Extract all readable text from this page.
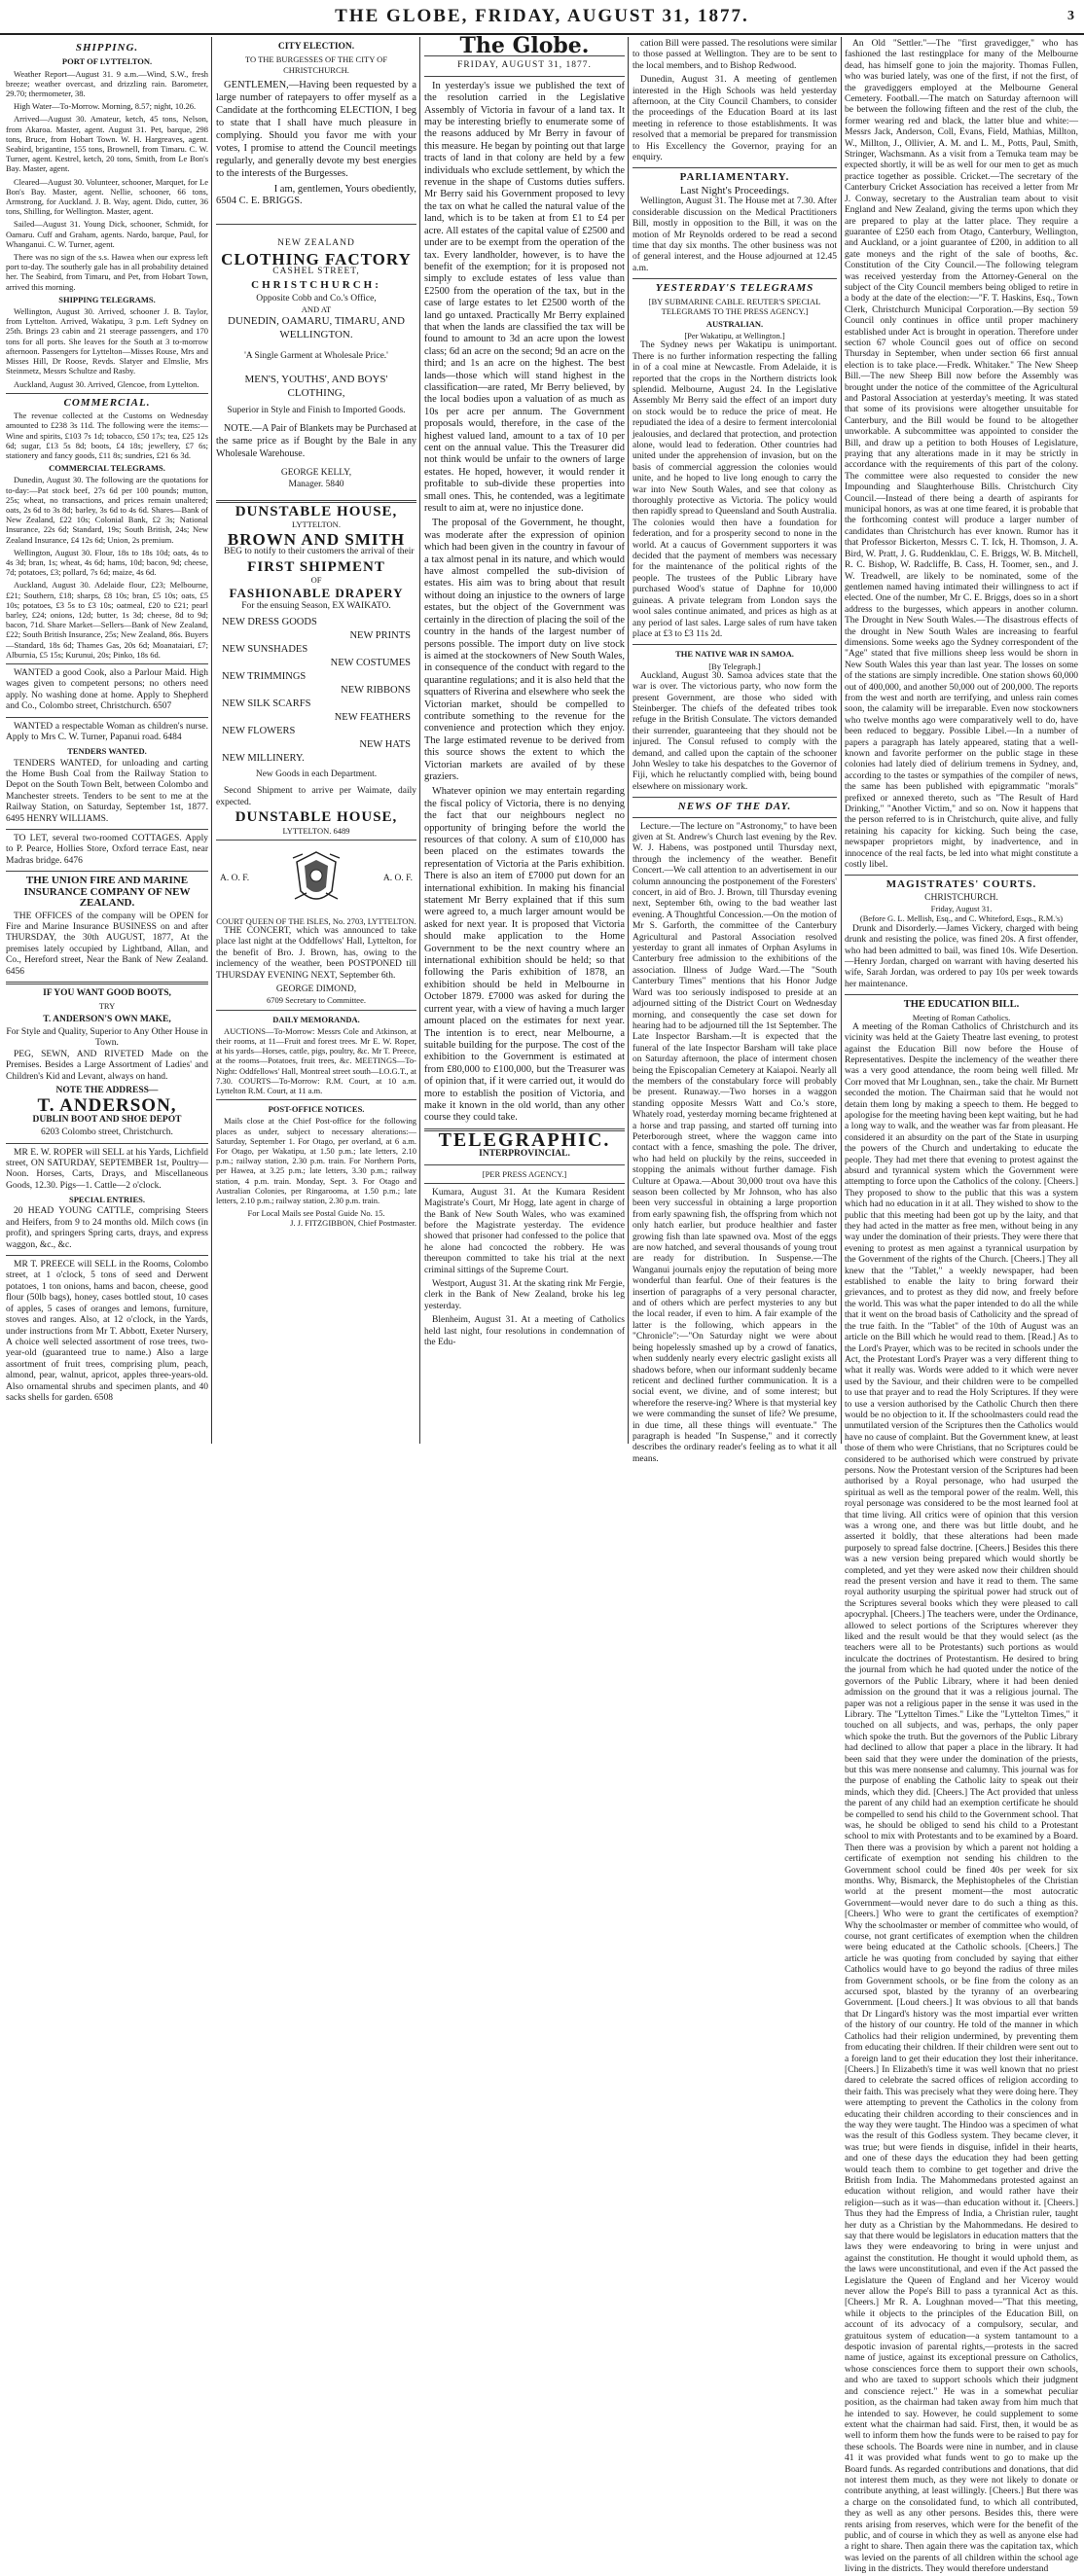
THE GLOBE, FRIDAY, AUGUST 31, 1877.	3
SHIPPING.
PORT OF LYTTELTON.

Weather Report—August 31. 9 a.m.—Wind, S.W., fresh breeze; weather overcast, and drizzling rain. Barometer, 29.70; thermometer, 38.

High Water—To-Morrow. Morning, 8.57; night, 10.26.

Arrived—August 30. Amateur, ketch, 45 tons, Nelson, from Akaroa. Master, agent. August 31. Pet, barque, 298 tons, Bruce, from Hobart Town. W. H. Hargreaves, agent. Seabird, brigantine, 155 tons, Brownell, from Timaru. C. W. Turner, agent. Kestrel, ketch, 20 tons, Smith, from Le Bon's Bay. Master, agent.

Cleared—August 30. Volunteer, schooner, Marquet, for Le Bon's Bay. Master, agent. Nellie, schooner, 66 tons, Armstrong, for Auckland. J. B. Way, agent. Dido, cutter, 36 tons, Shilling, for Wellington. Master, agent.

Sailed—August 31. Young Dick, schooner, Schmidt, for Oamaru. Cuff and Graham, agents. Nardo, barque, Paul, for Whanganui. C. W. Turner, agent.

There was no sign of the s.s. Hawea when our express left port to-day. The southerly gale has in all probability detained her. The Seabird, from Timaru, and Pet, from Hobart Town, arrived this morning.

SHIPPING TELEGRAMS.

Wellington, August 30. Arrived, schooner J. B. Taylor, from Lyttelton. Arrived, Wakatipu, 3 p.m. Left Sydney on 25th. Brings 23 cabin and 21 steerage passengers, and 170 tons for all ports. She leaves for the South at 3 to-morrow afternoon. Passengers for Lyttelton—Misses Rouse, Mrs and Misses Hill, Dr Roose, Revds. Slatyer and Elmslie, Mrs Steinmetz, Messrs Schultze and Rasby.

Auckland, August 30. Arrived, Glencoe, from Lyttelton.

COMMERCIAL.

The revenue collected at the Customs on Wednesday amounted to £238 3s 11d. The following were the items:—Wine and spirits, £103 7s 1d; tobacco, £50 17s; tea, £25 12s 6d; sugar, £13 5s 8d; boots, £4 18s; jewellery, £7 6s; stationery and fancy goods, £11 8s; sundries, £21 6s 3d.

COMMERCIAL TELEGRAMS.

Dunedin, August 30. The following are the quotations for to-day:—Pat stock beef, 27s 6d per 100 pounds; mutton, 25s; wheat, no transactions, and prices remain unaltered; oats, 2s 6d to 3s 8d; barley, 3s 6d to 4s 6d. Shares—Bank of New Zealand, £22 10s; Colonial Bank, £2 3s; National Insurance, 22s 6d; Standard, 19s; South British, 24s; New Zealand Insurance, £4 12s 6d; Union, 2s premium.

Wellington, August 30. Flour, 18s to 18s 10d; oats, 4s to 4s 3d; bran, 1s; wheat, 4s 6d; hams, 10d; bacon, 9d; cheese, 7d; potatoes, £3; pollard, 7s 6d; maize, 4s 6d.

Auckland, August 30. Adelaide flour, £23; Melbourne, £21; Southern, £18; sharps, £8 10s; bran, £5 10s; oats, £5 10s; potatoes, £3 5s to £3 10s; oatmeal, £20 to £21; pearl barley, £24; onions, 12d; butter, 1s 3d; cheese, 8d to 9d; bacon, 71d. Share Market—Sellers—Bank of New Zealand, £22; South British Insurance, 25s; New Zealand, 86s. Buyers—Standard, 18s 6d; Thames Gas, 20s 6d; Moanataiari, £7; Alburnia, £5 15s; Kurunui, 20s; Pinko, 18s 6d.

WANTED a good Cook, also a Parlour Maid. High wages given to competent persons; no others need apply. No washing done at home. Apply to Shepherd and Co., Colombo street, Christchurch. 6507

WANTED a respectable Woman as children's nurse. Apply to Mrs C. W. Turner, Papanui road. 6484

TENDERS WANTED.

TENDERS WANTED, for unloading and carting the Home Bush Coal from the Railway Station to Depot on the South Town Belt, between Colombo and Manchester streets. Tenders to be sent to me at the Railway Station, on Saturday, September 1st, 1877. 6495 HENRY WILLIAMS.

TO LET, several two-roomed COTTAGES. Apply to P. Pearce, Hollies Store, Oxford terrace East, near Madras bridge. 6476

THE UNION FIRE AND MARINE INSURANCE COMPANY OF NEW ZEALAND.

THE OFFICES of the company will be OPEN for Fire and Marine Insurance BUSINESS on and after THURSDAY, the 30th AUGUST, 1877, At the premises lately occupied by Lightband, Allan, and Co., Hereford street, Near the Bank of New Zealand. 6456

IF YOU WANT GOOD BOOTS,
TRY
T. ANDERSON'S OWN MAKE,
For Style and Quality, Superior to Any Other House in Town.

PEG, SEWN, AND RIVETED Made on the Premises. Besides a Large Assortment of Ladies' and Children's Kid and Levant, always on hand.

NOTE THE ADDRESS—
T. ANDERSON,
DUBLIN BOOT AND SHOE DEPOT
6203 Colombo street, Christchurch.

MR E. W. ROPER will SELL at his Yards, Lichfield street, ON SATURDAY, SEPTEMBER 1st, Poultry—Noon. Horses, Carts, Drays, and Miscellaneous Goods, 12.30. Pigs—1. Cattle—2 o'clock.

SPECIAL ENTRIES.

20 HEAD YOUNG CATTLE, comprising Steers and Heifers, from 9 to 24 months old. Milch cows (in profit), and springers Spring carts, drays, and express waggon, &c., &c.

MR T. PREECE will SELL in the Rooms, Colombo street, at 1 o'clock, 5 tons of seed and Derwent potatoes, 1 ton onions, hams and bacon, cheese, good flour (50lb bags), honey, cases bottled stout, 10 cases of apples, 5 cases of oranges and lemons, furniture, stoves and ranges. Also, at 12 o'clock, in the Yards, under instructions from Mr T. Abbott, Exeter Nursery, A choice well selected assortment of rose trees, two-year-old (guaranteed true to name.) Also a large assortment of fruit trees, comprising plum, peach, almond, pear, walnut, apricot, apples three-years-old. Also ornamental shrubs and specimen plants, and 40 sacks shells for garden. 6508

CITY ELECTION.
TO THE BURGESSES OF THE CITY OF CHRISTCHURCH.

GENTLEMEN,—Having been requested by a large number of ratepayers to offer myself as a Candidate at the forthcoming ELECTION, I beg to state that I shall have much pleasure in complying. Should you favor me with your votes, I promise to attend the Council meetings regularly, and generally devote my best energies to the interests of the Burgesses.

I am, gentlemen, Yours obediently,
6504 C. E. BRIGGS.
NEW ZEALAND
CLOTHING FACTORY
CASHEL STREET,
CHRISTCHURCH:
Opposite Cobb and Co.'s Office,
AND AT
DUNEDIN, OAMARU, TIMARU, AND WELLINGTON.
'A Single Garment at Wholesale Price.'
MEN'S, YOUTHS', AND BOYS' CLOTHING,
Superior in Style and Finish to Imported Goods.

NOTE.—A Pair of Blankets may be Purchased at the same price as if Bought by the Bale in any Wholesale Warehouse.

GEORGE KELLY,
Manager. 5840
DUNSTABLE HOUSE,
LYTTELTON.
BROWN AND SMITH

BEG to notify to their customers the arrival of their

FIRST SHIPMENT
OF
FASHIONABLE DRAPERY
For the ensuing Season, EX WAIKATO.
NEW DRESS GOODS
NEW PRINTS
NEW SUNSHADES
NEW COSTUMES
NEW TRIMMINGS
NEW RIBBONS
NEW SILK SCARFS
NEW FEATHERS
NEW FLOWERS
NEW HATS
NEW MILLINERY.
New Goods in each Department.

Second Shipment to arrive per Waimate, daily expected.

DUNSTABLE HOUSE,
LYTTELTON. 6489
A. O. F.	A. O. F.
COURT QUEEN OF THE ISLES, No. 2703, LYTTELTON.

THE CONCERT, which was announced to take place last night at the Oddfellows' Hall, Lyttelton, for the benefit of Bro. J. Brown, has, owing to the inclemency of the weather, been POSTPONED till THURSDAY EVENING NEXT, September 6th.

GEORGE DIMOND,
6709 Secretary to Committee.
DAILY MEMORANDA.

AUCTIONS—To-Morrow: Messrs Cole and Atkinson, at their rooms, at 11—Fruit and forest trees. Mr E. W. Roper, at his yards—Horses, cattle, pigs, poultry, &c. Mr T. Preece, at the rooms—Potatoes, fruit trees, &c. MEETINGS—To-Night: Oddfellows' Hall, Montreal street south—I.O.G.T., at 7.30. COURTS—To-Morrow: R.M. Court, at 10 a.m. Lyttelton R.M. Court, at 11 a.m.

POST-OFFICE NOTICES.

Mails close at the Chief Post-office for the following places as under, subject to necessary alterations:— Saturday, September 1. For Otago, per overland, at 6 a.m. For Otago, per Wakatipu, at 1.50 p.m.; late letters, 2.10 p.m.; railway station, 2.30 p.m. train. For Northern Ports, per Hawea, at 3.25 p.m.; late letters, 3.30 p.m.; railway station, 4 p.m. train. Monday, Sept. 3. For Otago and Australian Colonies, per Ringarooma, at 1.50 p.m.; late letters, 2.10 p.m.; railway station, 2.30 p.m. train.

For Local Mails see Postal Guide No. 15.
J. J. FITZGIBBON, Chief Postmaster.
The Globe.
FRIDAY, AUGUST 31, 1877.

In yesterday's issue we published the text of the resolution carried in the Legislative Assembly of Victoria in favour of a land tax. It may be interesting briefly to enumerate some of the reasons adduced by Mr Berry in favour of this measure. He began by pointing out that large tracts of land in that colony are held by a few individuals who exclude settlement, by which the revenue in the shape of Customs duties suffers. Mr Berry said his Government proposed to levy the tax on what he called the natural value of the land, which is to be taken at from £1 to £4 per acre. All estates of the capital value of £2500 and under are to be exempt from the operation of the tax. Every landholder, however, is to have the benefit of the exemption; for it is proposed not simply to exclude estates of less value than £2500 from the operation of the tax, but in the case of large estates to let £2500 worth of the land go untaxed. Practically Mr Berry explained that when the lands are classified the tax will be found to amount to 3d an acre upon the lowest class; 6d an acre on the second; 9d an acre on the third; and 1s an acre on the highest. The best lands—those which will stand highest in the classification—are rated, Mr Berry believed, by the local bodies upon a valuation of as much as 10s per acre per annum. The Government proposals would, therefore, in the case of the highest valued land, amount to a tax of 10 per cent on the annual value. This the Treasurer did not think would be unfair to the owners of large estates. He hoped, however, it would render it profitable to sub-divide these properties into small ones. This, he contended, was a legitimate result to aim at, were no injustice done.

The proposal of the Government, he thought, was moderate after the expression of opinion which had been given in the country in favour of a tax almost penal in its nature, and which would have almost compelled the sub-division of estates. His aim was to bring about that result without doing an injustice to the owners of large estates, but the object of the Government was certainly in the direction of placing the soil of the country in the hands of the largest number of persons possible. The import duty on live stock is aimed at the stockowners of New South Wales, in consequence of the conduct with regard to the quarantine regulations; and it is also held that the squatters of Riverina and elsewhere who seek the Victorian market, should be compelled to contribute something to the revenue for the convenience and protection which they enjoy. The large estimated revenue to be derived from this source shows the extent to which the Victorian markets are availed of by these graziers.

Whatever opinion we may entertain regarding the fiscal policy of Victoria, there is no denying the fact that our neighbours neglect no opportunity of bringing before the world the resources of that colony. A sum of £10,000 has been placed on the estimates towards the representation of Victoria at the Paris exhibition. There is also an item of £7000 put down for an international exhibition. In making his financial statement Mr Berry explained that if this sum were agreed to, a much larger amount would be asked for next year. It is proposed that Victoria should make application to the Home Government to be the next country where an international exhibition should be held; so that following the Paris exhibition of 1878, an exhibition should be held in Melbourne in October 1879. £7000 was asked for during the current year, with a view of having a much larger amount placed on the estimates for next year. The intention is to erect, near Melbourne, a suitable building for the purpose. The cost of the exhibition to the Government is estimated at from £80,000 to £100,000, but the Treasurer was of opinion that, if it were carried out, it would do more to establish the position of Victoria, and make it known in the old world, than any other course they could take.

TELEGRAPHIC.
INTERPROVINCIAL.
[PER PRESS AGENCY.]

Kumara, August 31. At the Kumara Resident Magistrate's Court, Mr Hogg, late agent in charge of the Bank of New South Wales, who was examined before the Magistrate yesterday. The evidence showed that prisoner had confessed to the police that he alone had concocted the robbery. He was thereupon committed to take his trial at the next criminal sittings of the Supreme Court.

Westport, August 31. At the skating rink Mr Fergie, clerk in the Bank of New Zealand, broke his leg yesterday.

Blenheim, August 31. At a meeting of Catholics held last night, four resolutions in condemnation of the Edu-

cation Bill were passed. The resolutions were similar to those passed at Wellington. They are to be sent to the local members, and to Bishop Redwood.

Dunedin, August 31. A meeting of gentlemen interested in the High Schools was held yesterday afternoon, at the City Council Chambers, to consider the proceedings of the Education Board at its last meeting in reference to those establishments. It was resolved that a memorial be prepared for transmission to His Excellency the Governor, praying for an enquiry.

PARLIAMENTARY.
Last Night's Proceedings.

Wellington, August 31. The House met at 7.30. After considerable discussion on the Medical Practitioners Bill, mostly in opposition to the Bill, it was on the motion of Mr Reynolds ordered to be read a second time that day six months. The other business was not of general interest, and the House adjourned at 12.45 a.m.

YESTERDAY'S TELEGRAMS
[BY SUBMARINE CABLE. REUTER'S SPECIAL TELEGRAMS TO THE PRESS AGENCY.]
AUSTRALIAN.
[Per Wakatipu, at Wellington.]

The Sydney news per Wakatipu is unimportant. There is no further information respecting the falling in of a coal mine at Newcastle. From Adelaide, it is reported that the crops in the Northern districts look splendid. Melbourne, August 24. In the Legislative Assembly Mr Berry said the effect of an import duty on stock would be to reduce the price of meat. He repudiated the idea of a desire to ferment intercolonial jealousies, and declared that protection, and protection alone, would lead to federation. Other countries had united under the apprehension of invasion, but on the basis of commercial aggression the colonies would unite, and he hoped to live long enough to carry the war into New South Wales, and see that colony as thoroughly protective as Victoria. The policy would then rapidly spread to Queensland and South Australia. The colonies would then have a foundation for federation, and for a prosperity second to none in the world. At a caucus of Government supporters it was decided that the payment of members was necessary for the maintenance of the political rights of the people. The trustees of the Public Library have purchased Wood's statue of Daphne for 10,000 guineas. A private telegram from London says the wool sales continue animated, and prices as high as at any period of last sales. Large sales of rum have taken place at £3 to £3 11s 2d.

THE NATIVE WAR IN SAMOA.
[By Telegraph.]

Auckland, August 30. Samoa advices state that the war is over. The victorious party, who now form the present Government, are those who sided with Steinberger. The chiefs of the defeated tribes took refuge in the British Consulate. The victors demanded their surrender, guaranteeing that they should not be injured. The Consul refused to comply with the demand, and called upon the captain of the schooner John Wesley to take his despatches to the Governor of Fiji, which he reluctantly complied with, being bound elsewhere on missionary work.

NEWS OF THE DAY.

Lecture.—The lecture on "Astronomy," to have been given at St. Andrew's Church last evening by the Rev. W. J. Habens, was postponed until Thursday next, through the inclemency of the weather. Benefit Concert.—We call attention to an advertisement in our column announcing the postponement of the Foresters' concert, in aid of Bro. J. Brown, till Thursday evening next, September 6th, owing to the bad weather last evening. A Thoughtful Concession.—On the motion of Mr S. Garforth, the committee of the Canterbury Agricultural and Pastoral Association resolved yesterday to grant all inmates of Orphan Asylums in Canterbury free admission to the exhibitions of the association. Illness of Judge Ward.—The "South Canterbury Times" mentions that his Honor Judge Ward was too seriously indisposed to preside at an adjourned sitting of the District Court on Wednesday morning, and consequently the case set down for hearing had to be adjourned till the 1st September. The Late Inspector Barsham.—It is expected that the funeral of the late Inspector Barsham will take place on Saturday afternoon, the place of interment chosen being the Episcopalian Cemetery at Kaiapoi. Nearly all the members of the constabulary force will probably be present. Runaway.—Two horses in a waggon standing opposite Messrs Watt and Co.'s store, Whately road, yesterday morning became frightened at a horse and trap passing, and started off turning into Peterborough street, where the waggon came into contact with a fence, smashing the pole. The driver, who had held on pluckily by the reins, succeeded in stopping the animals without further damage. Fish Culture at Opawa.—About 30,000 trout ova have this season been collected by Mr Johnson, who has also been very successful in obtaining a large proportion from early spawning fish, the offspring from which not only hatch earlier, but produce healthier and faster growing fish than late spawned ova. Most of the eggs are now hatched, and several thousands of young trout are ready for distribution. In Suspense.—The Wanganui journals enjoy the reputation of being more wonderful than fearful. One of their features is the insertion of paragraphs of a very personal character, and of others which are perfect mysteries to any but the local reader, if even to him. A fair example of the latter is the following, which appears in the "Chronicle":—"On Saturday night we were about being hopelessly smashed up by a crowd of fanatics, when suddenly nearly every electric gaslight exists all shadows before, when our informant suddenly became reticent and declined further communication. It is a social event, we divine, and of some interest; but wherefore the reserve-ing? Where is that mysterial key we were commanding the sunset of life? We presume, in due time, all these things will eventuate." The paragraph is headed "In Suspense," and it correctly describes the ordinary reader's feeling as to what it all means.

An Old "Settler."—The "first gravedigger," who has fashioned the last restingplace for many of the Melbourne dead, has himself gone to join the majority. Thomas Fullen, who was buried lately, was one of the first, if not the first, of the gravediggers employed at the Melbourne General Cemetery. Football.—The match on Saturday afternoon will be between the following fifteen and the rest of the club, the former wearing red and black, the latter blue and white:—Messrs Jack, Anderson, Coll, Evans, Field, Mathias, Millton, W., Millton, J., Ollivier, A. M. and L. M., Potts, Paul, Smith, Stringer, Wachsmann. As a visit from a Temuka team may be expected shortly, it will be as well for our men to get as much practice together as possible. Cricket.—The secretary of the Canterbury Cricket Association has received a letter from Mr J. Conway, secretary to the Australian team about to visit England and New Zealand, giving the terms upon which they are prepared to play at the latter place. They require a guarantee of £250 each from Otago, Canterbury, Wellington, and Auckland, or a joint guarantee of £200, in addition to all gate moneys and the right of the sale of booths, &c. Constitution of the City Council.—The following telegram was received yesterday from the Attorney-General on the subject of the City Council members being obliged to retire in a body at the date of the election:—"F. T. Haskins, Esq., Town Clerk, Christchurch Municipal Corporation.—By section 59 Council only continues in office until proper machinery established under Act is brought in operation. Therefore under section 67 whole Council goes out of office on second Thursday in September, when under section 66 first annual election is to take place.—Fredk. Whitaker." The New Sheep Bill.—The new Sheep Bill now before the Assembly was brought under the notice of the committee of the Agricultural and Pastoral Association at yesterday's meeting. It was stated that some of its provisions were altogether unsuitable for Canterbury, and the Bill would be found to be altogether unworkable. A subcommittee was appointed to consider the Bill, and draw up a petition to both Houses of Legislature, praying that any alterations made in it may be strictly in accordance with the requirements of this part of the colony. The committee were also requested to consider the new Impounding and Slaughterhouse Bills. Christchurch City Council.—Instead of there being a dearth of aspirants for municipal honors, as was at one time feared, it is probable that the forthcoming contest will produce a larger number of candidates than Christchurch has ever known. Rumor has it that Professor Bickerton, Messrs C. T. Ick, H. Thomson, J. A. Bird, W. Pratt, J. G. Ruddenklau, C. E. Briggs, W. B. Mitchell, R. C. Bishop, W. Radcliffe, B. Cass, H. Toomer, sen., and J. W. Treadwell, are likely to be nominated, some of the gentlemen named having intimated their willingness to act if elected. One of the number, Mr C. E. Briggs, does so in a short address to the burgesses, which appears in another column. The Drought in New South Wales.—The disastrous effects of the drought in New South Wales are increasing to fearful dimensions. Some weeks ago the Sydney correspondent of the "Age" stated that five millions sheep less would be shorn in New South Wales this year than last year. The losses on some of the stations are simply incredible. One station shows 60,000 out of 400,000, and another 50,000 out of 200,000. The reports from the west and north are terrifying, and unless rain comes soon, the calamity will be irreparable. Even now stockowners who twelve months ago were comparatively well to do, have been reduced to beggary. Possible Libel.—In a number of papers a paragraph has lately appeared, stating that a well-known and favorite performer on the public stage in these colonies had lately died of delirium tremens in Sydney, and, according to the tastes or sympathies of the compiler of news, the same has been published with epigrammatic "morals" prefixed or annexed thereto, such as "The Result of Hard Drinking," "Another Victim," and so on. Now it happens that the person referred to is in Christchurch, quite alive, and fully retaining his capacity for kicking. Such being the case, newspaper proprietors might, by inadvertence, and in innocence of the real facts, be led into what might constitute a costly libel.

MAGISTRATES' COURTS.
CHRISTCHURCH.
Friday, August 31.
(Before G. L. Mellish, Esq., and C. Whiteford, Esqs., R.M.'s)

Drunk and Disorderly.—James Vickery, charged with being drunk and resisting the police, was fined 20s. A first offender, who had been admitted to bail, was fined 10s. Wife Desertion.—Henry Jordan, charged on warrant with having deserted his wife, Sarah Jordan, was ordered to pay 10s per week towards her maintenance.

THE EDUCATION BILL.
Meeting of Roman Catholics.

A meeting of the Roman Catholics of Christchurch and its vicinity was held at the Gaiety Theatre last evening, to protest against the Education Bill now before the House of Representatives. Despite the inclemency of the weather there was a very good attendance, the room being well filled. Mr Corr moved that Mr Loughnan, sen., take the chair. Mr Burnett seconded the motion. The Chairman said that he would not detain them long by making a speech to them. He begged to apologise for the meeting having been kept waiting, but he had a long way to walk, and the weather was far from pleasant. He considered it an absurdity on the part of the State in usurping the powers of the Church and undertaking to educate the people. They had met there that evening to protest against the absurd and tyrannical system which the Government were attempting to force upon the Catholics of the colony. [Cheers.] They proposed to show to the public that this was a system which had no education in it at all. They wished to show to the public that this meeting had been got up by the laity, and that they had acted in the matter as free men, without being in any way under the domination of their priests. They were there that evening to protest as men against a tyrannical usurpation by the Government of the rights of the Church. [Cheers.] They all knew that the "Tablet," a weekly newspaper, had been established to enable the laity to bring forward their grievances, and to protest as they did now, and freely before the world. This was what the paper intended to do all the while that it went on the broad basis of Catholicity and the spread of the true faith. In the "Tablet" of the 10th of August was an article on the Bill which he would read to them. [Read.] As to the Lord's Prayer, which was to be recited in schools under the Act, the Protestant Lord's Prayer was a very different thing to what it really was. Words were added to it which were never used by the Saviour, and their children were to be compelled to use that prayer and to read the Holy Scriptures. If they were to use a version authorised by the Catholic Church then there would be no objection to it. If the schoolmasters could read the unmutilated version of the Scriptures then the Catholics would have no cause of complaint. But the Government knew, at least those of them who were Christians, that no Scriptures could be considered to be authorised which were construed by private persons. Now the Protestant version of the Scriptures had been authorised by a Royal personage, who had usurped the spiritual as well as the temporal power of the realm. Well, this royal personage was considered to be the most learned fool at that time living. All critics were of opinion that this version was a wrong one, and there was but little doubt, and he asserted it boldly, that these alterations had been made purposely to spread false doctrine. [Cheers.] Besides this there was a new version being prepared which would shortly be completed, and yet they were asked now their children should read the present version and have it read to them. The same royal authority usurping the spiritual power had struck out of the Scriptures several books which they were pleased to call apocryphal. [Cheers.] The teachers were, under the Ordinance, allowed to select portions of the Scriptures wherever they liked and the result would be that they would select (as the teachers were all to be Protestants) such portions as would inculcate the doctrines of Protestantism. He desired to bring the journal from which he had quoted under the notice of the governors of the Public Library, where it had been denied admission on the ground that it was a religious journal. The paper was not a religious paper in the sense it was used in the Library. The "Lyttelton Times." Like the "Lyttelton Times," it touched on all subjects, and was, perhaps, the only paper which spoke the truth. But the governors of the Public Library had declined to allow that paper a place in the library. It had been said that they were under the domination of the priests, but this was mere nonsense and calumny. This journal was for the purpose of enabling the Catholic laity to speak out their minds, which they did. [Cheers.] The Act provided that unless the parent of any child had an exemption certificate he should be compelled to send his child to the Government school. That was, he should be obliged to send his child to a Protestant school to mix with Protestants and to be examined by a Board. Then there was a provision by which a parent not holding a certificate of exemption not sending his children to the Government school could be fined 40s per week for six months. Why, Bismarck, the Mephistopheles of the Christian world at the present moment—the most autocratic Government—would never dare to do such a thing as this. [Cheers.] Who were to grant the certificates of exemption? Why the schoolmaster or member of committee who would, of course, not grant certificates of exemption when the children were being educated at the Catholic schools. [Cheers.] The article he was quoting from concluded by saying that either Catholics would have to go beyond the radius of three miles from Government schools, or be fine from the colony as an accursed spot, blasted by the tyranny of an overbearing Government. [Loud cheers.] It was obvious to all that bands that Dr Lingard's history was the most impartial ever written of the history of our country. He told of the manner in which Catholics had their religion undermined, by preventing them from educating their children. If their children were sent out to a foreign land to get their education they lost their inheritance. [Cheers.] In Elizabeth's time it was well known that no priest dared to celebrate the sacred offices of religion according to their faith. This was precisely what they were doing here. They were attempting to prevent the Catholics in the colony from educating their children according to their consciences and in the way they were taught. The Hindoo was a specimen of what was the result of this Godless system. They became clever, it was true; but were fiends in disguise, infidel in their hearts, and one of these days the education they had been getting would teach them to combine to get together and drive the British from India. The Mahommedans protested against an education without religion, and would rather have their religion—such as it was—than education without it. [Cheers.] Thus they had the Empress of India, a Christian ruler, taught her duty as a Christian by the Mahommedans. He desired to say that there would be legislators in education matters that the laws they were endeavoring to bring in were unjust and against the constitution. He thought it would uphold them, as the laws were unconstitutional, and even if the Act passed the Legislature the Queen of England and her Viceroy would never allow the Pope's Bill to pass a tyrannical Act as this. [Cheers.] Mr R. A. Loughnan moved—"That this meeting, while it objects to the principles of the Education Bill, on account of its advocacy of a compulsory, secular, and gratuitous system of education—a system tantamount to a despotic invasion of parental rights,—protests in the sacred name of justice, against its exceptional pressure on Catholics, whose consciences force them to support their own schools, and who are taxed to support schools which their judgment and conscience reject." He was in a somewhat peculiar position, as the chairman had taken away from him much that he intended to say. However, he could supplement to some extent what the chairman had said. First, then, it would be as well to inform them how the funds were to be raised to pay for these schools. The Boards were nine in number, and in clause 41 it was provided what funds went to go to make up the Board funds. As regarded contributions and donations, that did not interest them much, as they were not likely to donate or contribute anything, at least willingly. [Cheers.] But there was a charge on the consolidated fund, to which all contributed, they as well as any other persons. Besides this, there were rents arising from reserves, which were for the benefit of the public, and of course in which they as well as anyone else had a right to share. Then again there was the capitation tax, which was levied on the parents of all children within the school age living in the districts. They would therefore understand
